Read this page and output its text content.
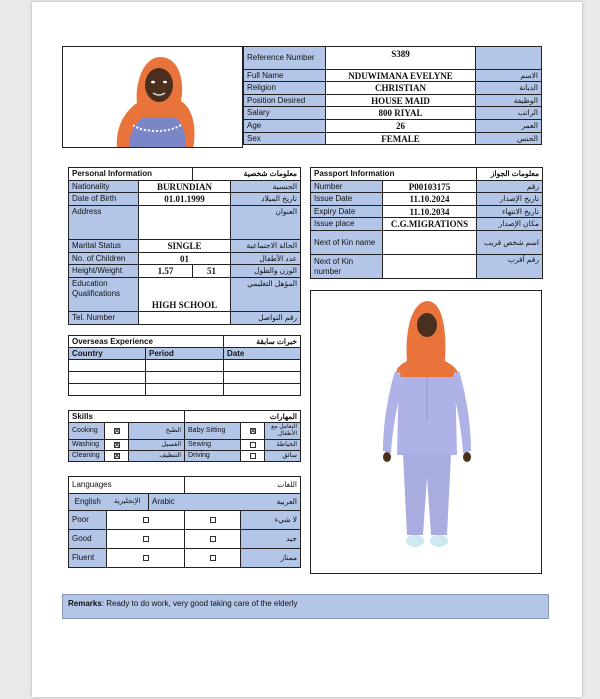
Reference Number	S389	
Full Name	NDUWIMANA EVELYNE	الاسم
Religion	CHRISTIAN	الديانة
Position Desired	HOUSE MAID	الوظيفة
Salary	800 RIYAL	الراتب
Age	26	العمر
Sex	FEMALE	الجنس
Personal Information		معلومات شخصية	
Nationality	BURUNDIAN		الجنسية
Date of Birth	01.01.1999		تاريخ الميلاد
Address			العنوان
Marital Status	SINGLE		الحالة الاجتماعية
No. of Children	01		عدد الأطفال
Height/Weight	1.57	51	الوزن والطول
Education Qualifications	HIGH SCHOOL		المؤهل التعليمي
Tel. Number			رقم التواصل
Passport Information		معلومات الجواز
Number	P00103175	رقم
Issue Date	11.10.2024	تاريخ الإصدار
Expiry Date	11.10.2034	تاريخ الانتهاء
Issue place	C.G.MIGRATIONS	مكان الإصدار
Next of Kin name		اسم شخص قريب
Next of Kin number		رقم أقرب
Overseas Experience		خبرات سابقة
Country	Period	Date

Skills			المهارات		
Cooking		الطبخ	Baby Sitting		التعامل مع الأطفال
Washing		الغسيل	Sewing		الخياطة
Cleaning		التنظيف	Driving		سائق
Languages			اللغات	
English	الإنجليزية	Arabic		العربية
Poor				لا شيء
Good				جيد
Fluent				ممتاز
Remarks: Ready to do work, very good taking care of the elderly
